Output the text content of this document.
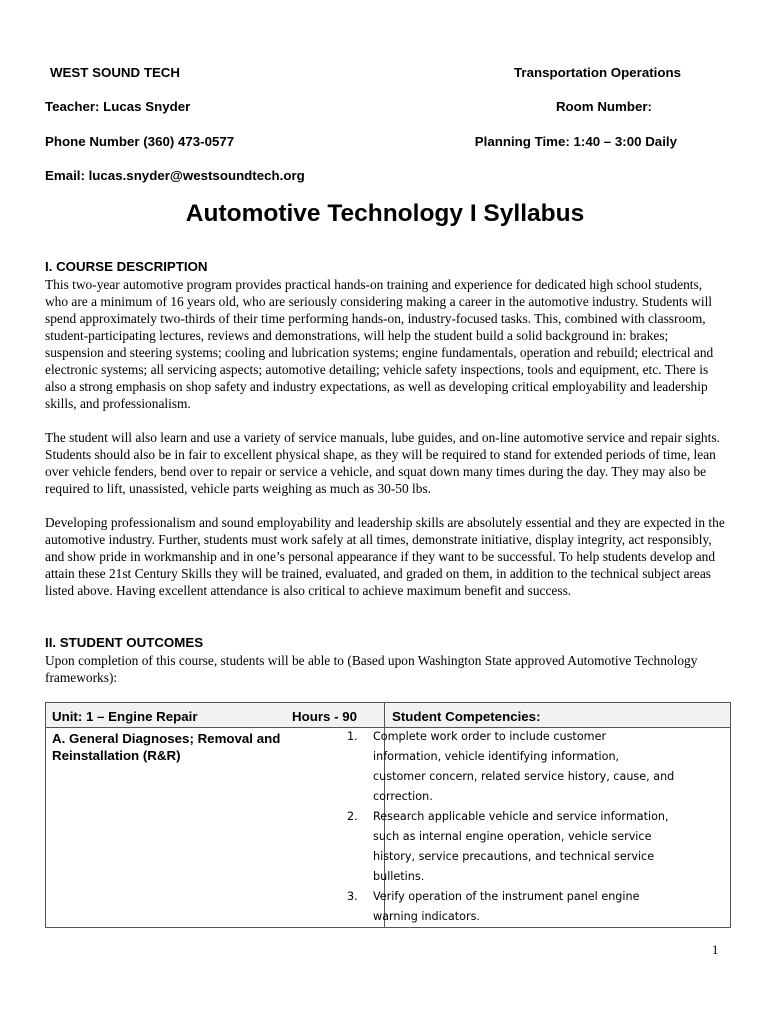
WEST SOUND TECH	Transportation Operations
Teacher: Lucas Snyder	Room Number:
Phone Number (360) 473-0577	Planning Time: 1:40 – 3:00 Daily
Email: lucas.snyder@westsoundtech.org
Automotive Technology I Syllabus
I. COURSE DESCRIPTION

This two-year automotive program provides practical hands-on training and experience for dedicated high school students, who are a minimum of 16 years old, who are seriously considering making a career in the automotive industry. Students will spend approximately two-thirds of their time performing hands-on, industry-focused tasks. This, combined with classroom, student-participating lectures, reviews and demonstrations, will help the student build a solid background in: brakes; suspension and steering systems; cooling and lubrication systems; engine fundamentals, operation and rebuild; electrical and electronic systems; all servicing aspects; automotive detailing; vehicle safety inspections, tools and equipment, etc. There is also a strong emphasis on shop safety and industry expectations, as well as developing critical employability and leadership skills, and professionalism.

The student will also learn and use a variety of service manuals, lube guides, and on-line automotive service and repair sights. Students should also be in fair to excellent physical shape, as they will be required to stand for extended periods of time, lean over vehicle fenders, bend over to repair or service a vehicle, and squat down many times during the day. They may also be required to lift, unassisted, vehicle parts weighing as much as 30-50 lbs.

Developing professionalism and sound employability and leadership skills are absolutely essential and they are expected in the automotive industry. Further, students must work safely at all times, demonstrate initiative, display integrity, act responsibly, and show pride in workmanship and in one’s personal appearance if they want to be successful. To help students develop and attain these 21st Century Skills they will be trained, evaluated, and graded on them, in addition to the technical subject areas listed above. Having excellent attendance is also critical to achieve maximum benefit and success.

II. STUDENT OUTCOMES

Upon completion of this course, students will be able to (Based upon Washington State approved Automotive Technology frameworks):

Unit: 1 – Engine Repair	Hours - 90	Student Competencies:
A. General Diagnoses; Removal and
Reinstallation (R&R)
1. Complete work order to include customer
information, vehicle identifying information,
customer concern, related service history, cause, and
correction.
2. Research applicable vehicle and service information,
such as internal engine operation, vehicle service
history, service precautions, and technical service
bulletins.
3. Verify operation of the instrument panel engine
warning indicators.
1
